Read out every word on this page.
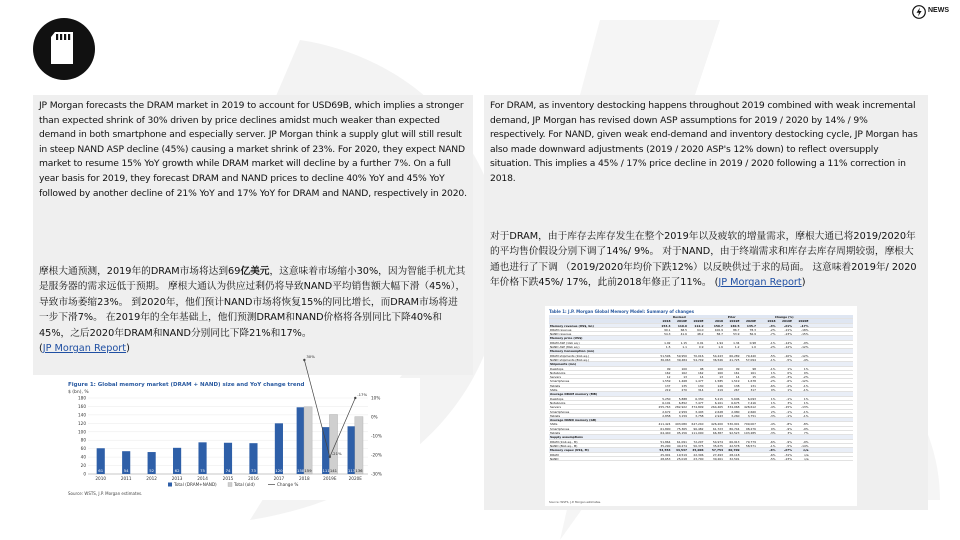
NEWS
JP Morgan forecasts the DRAM market in 2019 to account for USD69B, which implies a stronger than expected shrink of 30% driven by price declines amidst much weaker than expected demand in both smartphone and especially server. JP Morgan think a supply glut will still result in steep NAND ASP decline (45%) causing a market shrink of 23%. For 2020, they expect NAND market to resume 15% YoY growth while DRAM market will decline by a further 7%. On a full year basis for 2019, they forecast DRAM and NAND prices to decline 40% YoY and 45% YoY followed by another decline of 21% YoY and 17% YoY for DRAM and NAND, respectively in 2020.
摩根大通预测，2019年的DRAM市场将达到69亿美元，这意味着市场缩小30%，因为智能手机尤其是服务器的需求远低于预期。 摩根大通认为供应过剩仍将导致NAND平均销售额大幅下滑（45%），导致市场萎缩23%。 到2020年，他们预计NAND市场将恢复15%的同比增长，而DRAM市场将进一步下滑7%。 在2019年的全年基础上，他们预测DRAM和NAND价格将各别同比下降40%和45%，之后2020年DRAM和NAND分别同比下降21%和17%。
(JP Morgan Report)
For DRAM, as inventory destocking happens throughout 2019 combined with weak incremental demand, JP Morgan has revised down ASP assumptions for 2019 / 2020 by 14% / 9% respectively. For NAND, given weak end-demand and inventory destocking cycle, JP Morgan has also made downward adjustments (2019 / 2020 ASP's 12% down) to reflect oversupply situation. This implies a 45% / 17% price decline in 2019 / 2020 following a 11% correction in 2018.
对于DRAM，由于库存去库存发生在整个2019年以及疲软的增量需求，摩根大通已将2019/2020年的平均售价假设分别下调了14%/ 9%。 对于NAND，由于终端需求和库存去库存周期较弱，摩根大通也进行了下调 （2019/2020年均价下跌12%）以反映供过于求的局面。 这意味着2019年/ 2020年价格下跌45%/ 17%，此前2018年修正了11%。 (JP Morgan Report)
Figure 1: Global memory market (DRAM + NAND) size and YoY change trend
$ (bn), %
0
20
40
60
80
100
120
140
160
180	10%
0%
-10%
-20%
-30%
61
2010
54
2011
52
2012
62
2013
75
2014
74
2015
73
2016
120
2017
158 159
2018
111 141
2019E
113 136
2020E
30%
-21%
-17%
Total (DRAM+NAND)	Total (old)	Change %
Source: WSTS, J.P. Morgan estimates.
Table 1: J.P. Morgan Global Memory Model: Summary of changes
Revised	Prior	Change (%)
2018	2019E	2020E	2018	2019E	2020E	2018	2019E	2020E
Memory revenue (US$, bn)	153.4	110.6	112.2	159.7	140.5	135.7	-4%	-21%	-17%
DRAM revenue	99.1	68.5	64.0	100.9	86.7	78.3	-2%	-21%	-18%
NAND revenue	54.3	41.6	48.2	58.7	53.9	56.9	-7%	-23%	-15%
Memory price (US$)
DRAM ASP (1Gb eq.)	1.92	1.15	0.91	1.94	1.34	0.98	-1%	-14%	-9%
NAND ASP (8Gb eq.)	1.5	1.1	0.9	1.6	1.2	1.0	-2%	-12%	-12%
Memory Consumption (mn)
DRAM shipments (1Gb eq.)	51,596	59,950	70,016	54,243	66,289	79,440	-5%	-10%	-12%
NAND shipments (8Gb eq.)	36,063	39,484	54,749	36,546	41,725	57,094	-1%	-5%	-4%
Shipments (mn)
Desktops	99	100	98	100	99	98	-1%	1%	1%
Notebooks	162	162	162	160	161	161	1%	0%	0%
Servers	12	13	14	13	14	15	-4%	-3%	-2%
Smartphones	1,559	1,468	1,477	1,585	1,519	1,678	-2%	-6%	-12%
Tablets	137	135	130	146	138	131	-6%	-2%	-1%
SSDs	219	270	314	219	267	317	0%	1%	-1%
Average DRAM memory (MB)
Desktops	5,250	5,888	6,350	5,215	5,696	6,093	1%	-1%	1%
Notebooks	6,191	6,852	7,477	6,101	6,675	7,416	1%	3%	1%
Servers	255,763	282,922	374,809	264,465	334,068	428,612	-4%	-15%	-13%
Smartphones	2,672	2,959	3,493	2,628	2,980	2,660	2%	-1%	-1%
Tablets	2,858	3,159	3,758	2,943	3,260	3,751	-3%	-1%	-1%
Average NAND memory (GB)
SSDs	411,424	493,080	647,240	426,200	530,901	709,007	-4%	-8%	-8%
Smartphones	61,890	75,365	96,482	61,723	86,744	98,276	0%	-9%	-9%
Tablets	64,440	95,156	111,000	66,387	92,523	103,285	-3%	3%	7%
Supply assumptions
DRAM (1Gb eq., M)	51,864	61,091	72,207	54,974	66,913	79,779	-6%	-9%	-9%
NAND (8Gb eq., M)	35,290	40,274	50,375	35,675	42,578	58,571	-1%	-5%	-14%
Memory capex (US$, M)	54,554	44,537	45,006	57,754	60,709	-6%	-27%	n/a
DRAM	25,901	19,519	22,306	27,493	28,118	-6%	-31%	n/a
NAND	28,653	25,018	23,700	30,261	32,591	-5%	-23%	n/a
Source: WSTS, J.P. Morgan estimates.
